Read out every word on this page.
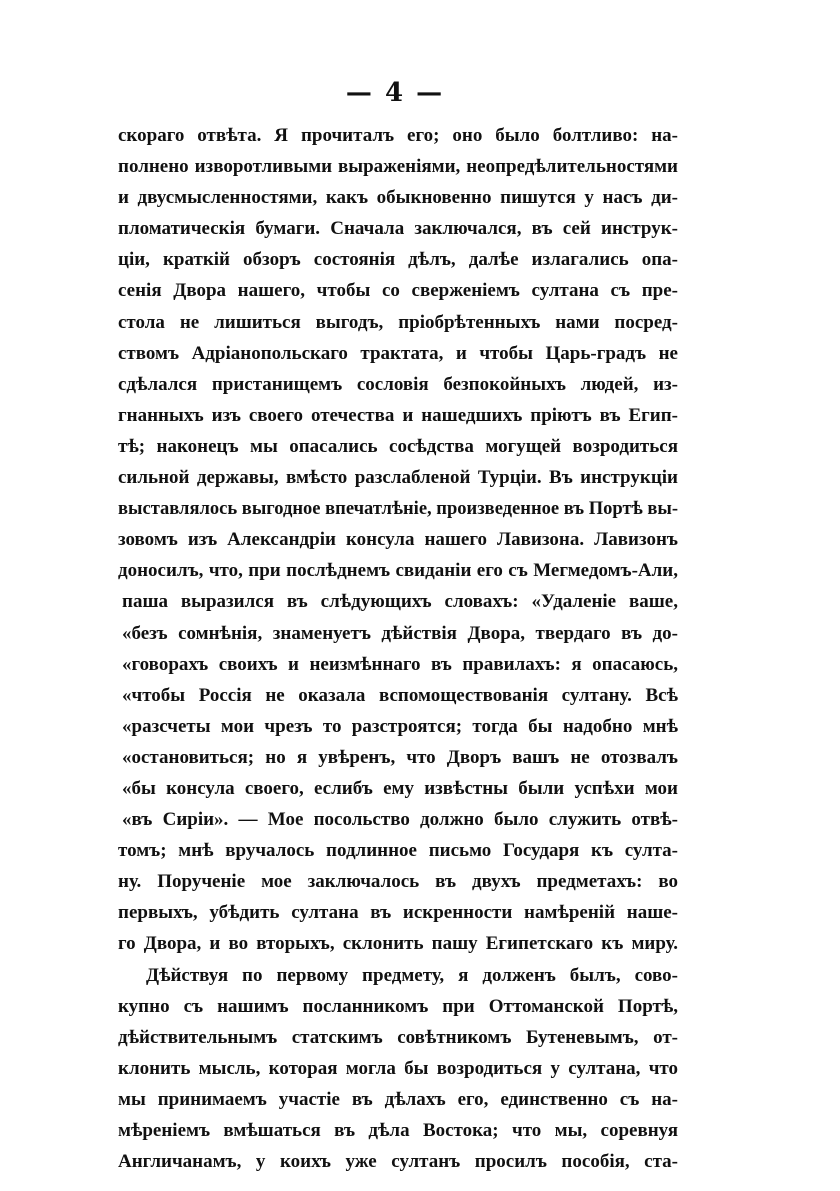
— 4 —
скораго отвѣта. Я прочиталъ его; оно было болтливо: на-
полнено изворотливыми выраженіями, неопредѣлительностями
и двусмысленностями, какъ обыкновенно пишутся у насъ ди-
пломатическія бумаги. Сначала заключался, въ сей инструк-
ціи, краткій обзоръ состоянія дѣлъ, далѣе излагались опа-
сенія Двора нашего, чтобы со сверженіемъ султана съ пре-
стола не лишиться выгодъ, пріобрѣтенныхъ нами посред-
ствомъ Адріанопольскаго трактата, и чтобы Царь-градъ не
сдѣлался пристанищемъ сословія безпокойныхъ людей, из-
гнанныхъ изъ своего отечества и нашедшихъ пріютъ въ Егип-
тѣ; наконецъ мы опасались сосѣдства могущей возродиться
сильной державы, вмѣсто разслабленой Турціи. Въ инструкціи
выставлялось выгодное впечатлѣніе, произведенное въ Портѣ вы-
зовомъ изъ Александріи консула нашего Лавизона. Лавизонъ
доносилъ, что, при послѣднемъ свиданіи его съ Мегмедомъ-Али,
паша выразился въ слѣдующихъ словахъ: «Удаленіе ваше,
«безъ сомнѣнія, знаменуетъ дѣйствія Двора, твердаго въ до-
«говорахъ своихъ и неизмѣннаго въ правилахъ: я опасаюсь,
«чтобы Россія не оказала вспомоществованія султану. Всѣ
«разсчеты мои чрезъ то разстроятся; тогда бы надобно мнѣ
«остановиться; но я увѣренъ, что Дворъ вашъ не отозвалъ
«бы консула своего, еслибъ ему извѣстны были успѣхи мои
«въ Сиріи». — Мое посольство должно было служить отвѣ-
томъ; мнѣ вручалось подлинное письмо Государя къ султа-
ну. Порученіе мое заключалось въ двухъ предметахъ: во
первыхъ, убѣдить султана въ искренности намѣреній нашe-
го Двора, и во вторыхъ, склонить пашу Египетскаго къ миру.
Дѣйствуя по первому предмету, я долженъ былъ, сово-
купно съ нашимъ посланникомъ при Оттоманской Портѣ,
дѣйствительнымъ статскимъ совѣтникомъ Бутеневымъ, от-
клонить мысль, которая могла бы возродиться у султана, что
мы принимаемъ участіе въ дѣлахъ его, единственно съ на-
мѣреніемъ вмѣшаться въ дѣла Востока; что мы, соревнуя
Англичанамъ, у коихъ уже султанъ просилъ пособія, ста-
